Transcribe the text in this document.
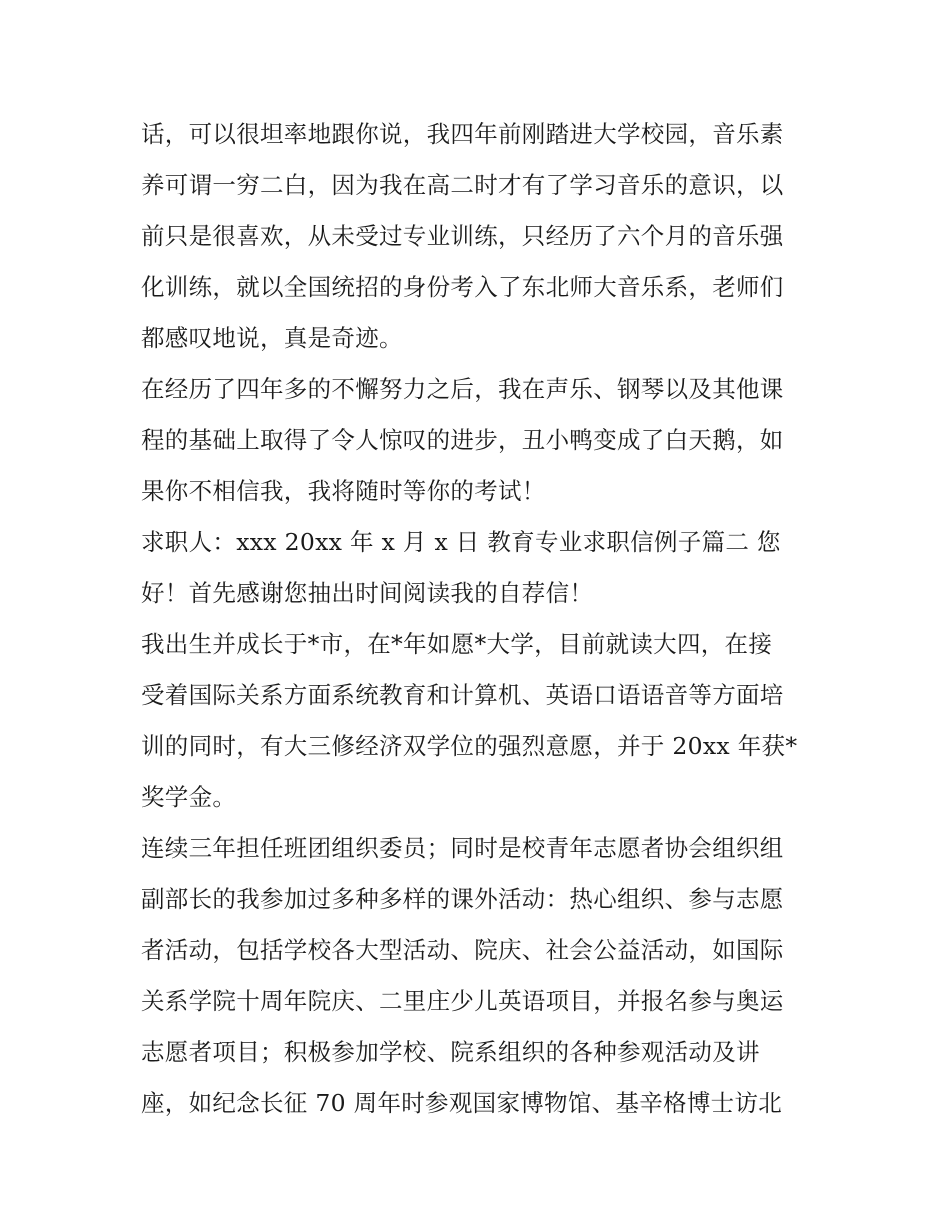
话，可以很坦率地跟你说，我四年前刚踏进大学校园，音乐素
养可谓一穷二白，因为我在高二时才有了学习音乐的意识，以
前只是很喜欢，从未受过专业训练，只经历了六个月的音乐强
化训练，就以全国统招的身份考入了东北师大音乐系，老师们
都感叹地说，真是奇迹。
在经历了四年多的不懈努力之后，我在声乐、钢琴以及其他课
程的基础上取得了令人惊叹的进步，丑小鸭变成了白天鹅，如
果你不相信我，我将随时等你的考试！
求职人：xxx 20xx 年 x 月 x 日 教育专业求职信例子篇二 您
好！首先感谢您抽出时间阅读我的自荐信！
我出生并成长于*市，在*年如愿*大学，目前就读大四，在接
受着国际关系方面系统教育和计算机、英语口语语音等方面培
训的同时，有大三修经济双学位的强烈意愿，并于 20xx 年获*
奖学金。
连续三年担任班团组织委员；同时是校青年志愿者协会组织组
副部长的我参加过多种多样的课外活动：热心组织、参与志愿
者活动，包括学校各大型活动、院庆、社会公益活动，如国际
关系学院十周年院庆、二里庄少儿英语项目，并报名参与奥运
志愿者项目；积极参加学校、院系组织的各种参观活动及讲
座，如纪念长征 70 周年时参观国家博物馆、基辛格博士访北
